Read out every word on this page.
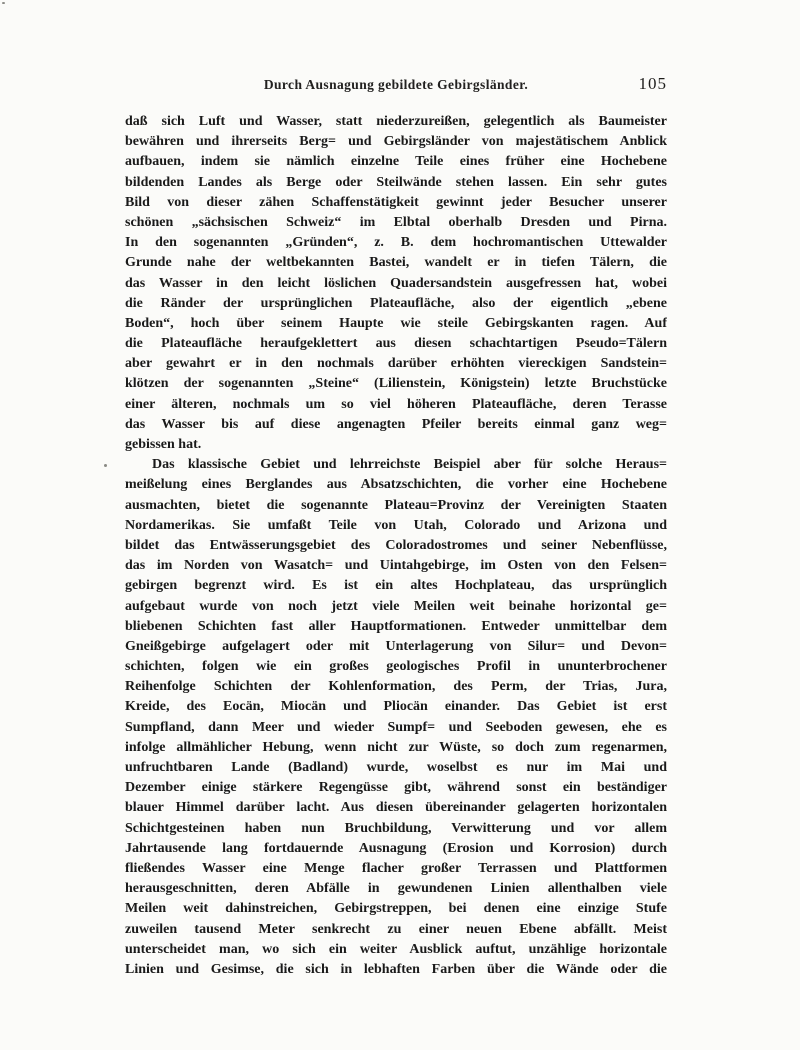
Durch Ausnagung gebildete Gebirgsländer.	105
daß sich Luft und Wasser, statt niederzureißen, gelegentlich als Baumeister
bewähren und ihrerseits Berg= und Gebirgsländer von majestätischem Anblick
aufbauen, indem sie nämlich einzelne Teile eines früher eine Hochebene
bildenden Landes als Berge oder Steilwände stehen lassen. Ein sehr gutes
Bild von dieser zähen Schaffenstätigkeit gewinnt jeder Besucher unserer
schönen „sächsischen Schweiz“ im Elbtal oberhalb Dresden und Pirna.
In den sogenannten „Gründen“, z. B. dem hochromantischen Uttewalder
Grunde nahe der weltbekannten Bastei, wandelt er in tiefen Tälern, die
das Wasser in den leicht löslichen Quadersandstein ausgefressen hat, wobei
die Ränder der ursprünglichen Plateaufläche, also der eigentlich „ebene
Boden“, hoch über seinem Haupte wie steile Gebirgskanten ragen. Auf
die Plateaufläche heraufgeklettert aus diesen schachtartigen Pseudo=Tälern
aber gewahrt er in den nochmals darüber erhöhten viereckigen Sandstein=
klötzen der sogenannten „Steine“ (Lilienstein, Königstein) letzte Bruchstücke
einer älteren, nochmals um so viel höheren Plateaufläche, deren Terasse
das Wasser bis auf diese angenagten Pfeiler bereits einmal ganz weg=
gebissen hat.
Das klassische Gebiet und lehrreichste Beispiel aber für solche Heraus=
meißelung eines Berglandes aus Absatzschichten, die vorher eine Hochebene
ausmachten, bietet die sogenannte Plateau=Provinz der Vereinigten Staaten
Nordamerikas. Sie umfaßt Teile von Utah, Colorado und Arizona und
bildet das Entwässerungsgebiet des Coloradostromes und seiner Nebenflüsse,
das im Norden von Wasatch= und Uintahgebirge, im Osten von den Felsen=
gebirgen begrenzt wird. Es ist ein altes Hochplateau, das ursprünglich
aufgebaut wurde von noch jetzt viele Meilen weit beinahe horizontal ge=
bliebenen Schichten fast aller Hauptformationen. Entweder unmittelbar dem
Gneißgebirge aufgelagert oder mit Unterlagerung von Silur= und Devon=
schichten, folgen wie ein großes geologisches Profil in ununterbrochener
Reihenfolge Schichten der Kohlenformation, des Perm, der Trias, Jura,
Kreide, des Eocän, Miocän und Pliocän einander. Das Gebiet ist erst
Sumpfland, dann Meer und wieder Sumpf= und Seeboden gewesen, ehe es
infolge allmählicher Hebung, wenn nicht zur Wüste, so doch zum regenarmen,
unfruchtbaren Lande (Badland) wurde, woselbst es nur im Mai und
Dezember einige stärkere Regengüsse gibt, während sonst ein beständiger
blauer Himmel darüber lacht. Aus diesen übereinander gelagerten horizontalen
Schichtgesteinen haben nun Bruchbildung, Verwitterung und vor allem
Jahrtausende lang fortdauernde Ausnagung (Erosion und Korrosion) durch
fließendes Wasser eine Menge flacher großer Terrassen und Plattformen
herausgeschnitten, deren Abfälle in gewundenen Linien allenthalben viele
Meilen weit dahinstreichen, Gebirgstreppen, bei denen eine einzige Stufe
zuweilen tausend Meter senkrecht zu einer neuen Ebene abfällt. Meist
unterscheidet man, wo sich ein weiter Ausblick auftut, unzählige horizontale
Linien und Gesimse, die sich in lebhaften Farben über die Wände oder die
